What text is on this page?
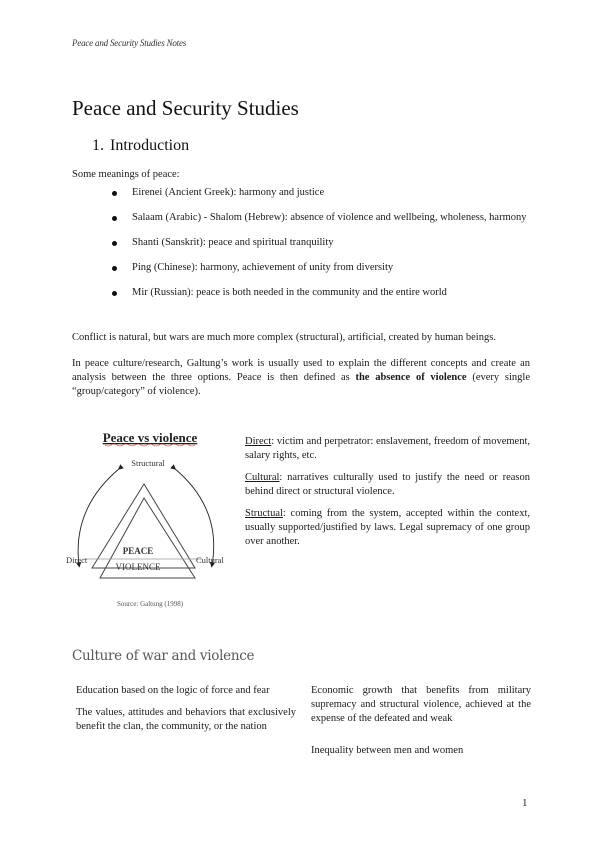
Peace and Security Studies Notes
Peace and Security Studies
1. Introduction
Some meanings of peace:
Eirenei (Ancient Greek): harmony and justice
Salaam (Arabic) - Shalom (Hebrew): absence of violence and wellbeing, wholeness, harmony
Shanti (Sanskrit): peace and spiritual tranquility
Ping (Chinese): harmony, achievement of unity from diversity
Mir (Russian): peace is both needed in the community and the entire world

Conflict is natural, but wars are much more complex (structural), artificial, created by human beings.

In peace culture/research, Galtung’s work is usually used to explain the different concepts and create an analysis between the three options. Peace is then defined as the absence of violence (every single “group/category” of violence).

Peace vs violence
Structural
Direct	Cultural
PEACE
VIOLENCE
Source: Galtung (1998)

Direct: victim and perpetrator: enslavement, freedom of movement, salary rights, etc.

Cultural: narratives culturally used to justify the need or reason behind direct or structural violence.

Structual: coming from the system, accepted within the context, usually supported/justified by laws. Legal supremacy of one group over another.

Culture of war and violence

Education based on the logic of force and fear

The values, attitudes and behaviors that exclusively benefit the clan, the community, or the nation

Economic growth that benefits from military supremacy and structural violence, achieved at the expense of the defeated and weak

Inequality between men and women

1
